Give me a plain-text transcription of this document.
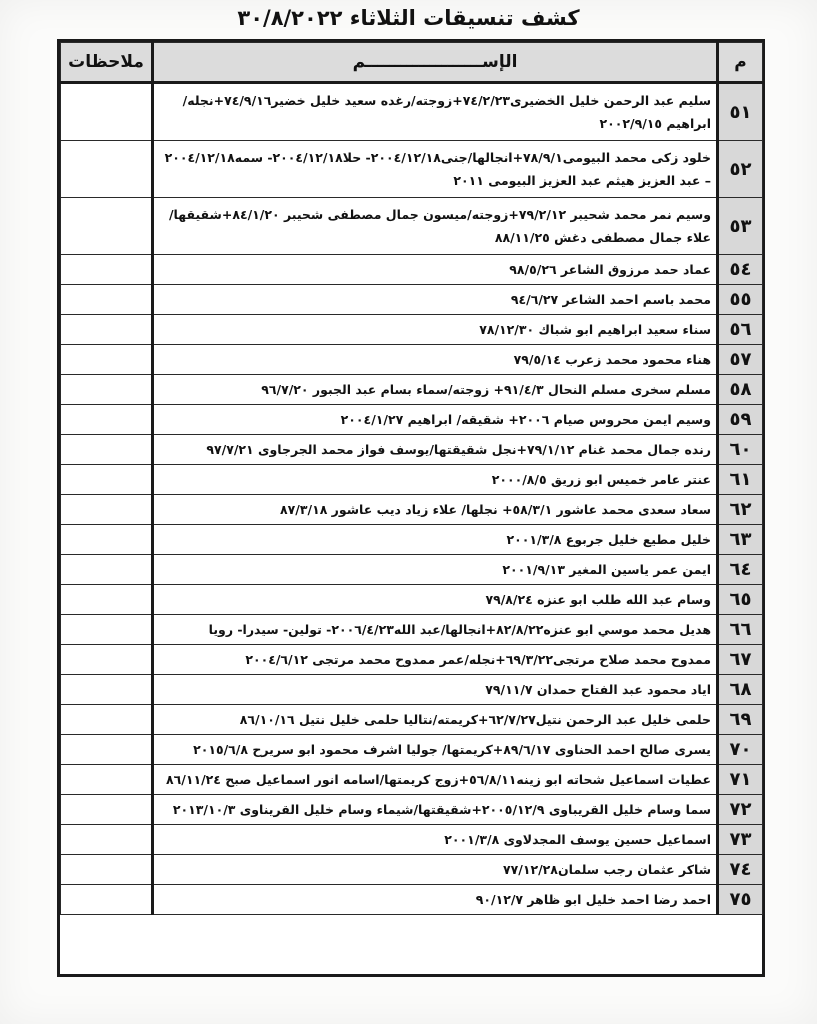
كشف تنسيقات الثلاثاء ٣٠/٨/٢٠٢٢
م	الإســــــــــــــــــــم	ملاحظات
٥١	سليم عبد الرحمن خليل الخضيرى٧٤/٢/٢٣+زوجته/رغده سعيد خليل خضير٧٤/٩/١٦+نجله/ ابراهيم ٢٠٠٢/٩/١٥	
٥٢	خلود زكى محمد البيومى٧٨/٩/١+انجالها/جنى٢٠٠٤/١٢/١٨- حلا٢٠٠٤/١٢/١٨- سمه٢٠٠٤/١٢/١٨ – عبد العزيز هيثم عبد العزيز البيومى ٢٠١١	
٥٣	وسيم نمر محمد شحيبر ٧٩/٢/١٢+زوجته/ميسون جمال مصطفى شحيبر ٨٤/١/٢٠+شقيقها/علاء جمال مصطفى دغش ٨٨/١١/٢٥	
٥٤	عماد حمد مرزوق الشاعر ٩٨/٥/٢٦	
٥٥	محمد باسم احمد الشاعر ٩٤/٦/٢٧	
٥٦	سناء سعيد ابراهيم ابو شباك ٧٨/١٢/٣٠	
٥٧	هناء محمود محمد زعرب ٧٩/٥/١٤	
٥٨	مسلم سخرى مسلم النحال ٩١/٤/٣+ زوجته/سماء بسام عبد الجبور ٩٦/٧/٢٠	
٥٩	وسيم ايمن محروس صيام ٢٠٠٦+ شقيقه/ ابراهيم ٢٠٠٤/١/٢٧	
٦٠	رنده جمال محمد غنام ٧٩/١/١٢+نجل شقيقتها/يوسف فواز محمد الجرجاوى ٩٧/٧/٢١	
٦١	عنتر عامر خميس ابو زريق ٢٠٠٠/٨/٥	
٦٢	سعاد سعدى محمد عاشور ٥٨/٣/١+ نجلها/ علاء زياد ديب عاشور ٨٧/٣/١٨	
٦٣	خليل مطيع خليل جربوع ٢٠٠١/٣/٨	
٦٤	ايمن عمر ياسين المغير ٢٠٠١/٩/١٣	
٦٥	وسام عبد الله طلب ابو عنزه ٧٩/٨/٢٤	
٦٦	هديل محمد موسي ابو عنزه٨٢/٨/٢٢+انجالها/عبد الله٢٠٠٦/٤/٢٣- تولين- سيدرا- رويا	
٦٧	ممدوح محمد صلاح مرتجى٦٩/٣/٢٢+نجله/عمر ممدوح محمد مرتجى ٢٠٠٤/٦/١٢	
٦٨	اياد محمود عبد الفتاح حمدان ٧٩/١١/٧	
٦٩	حلمى خليل عبد الرحمن نتيل٦٢/٧/٢٧+كريمته/نتاليا حلمى خليل نتيل ٨٦/١٠/١٦	
٧٠	يسرى صالح احمد الحناوى ٨٩/٦/١٧+كريمتها/ جوليا اشرف محمود ابو سريرح ٢٠١٥/٦/٨	
٧١	عطيات اسماعيل شحاته ابو زينه٥٦/٨/١١+زوج كريمتها/اسامه انور اسماعيل صبح ٨٦/١١/٢٤	
٧٢	سما وسام خليل القريباوى ٢٠٠٥/١٢/٩+شقيقتها/شيماء وسام خليل القريناوى ٢٠١٣/١٠/٣	
٧٣	اسماعيل حسين يوسف المجدلاوى ٢٠٠١/٣/٨	
٧٤	شاكر عثمان رجب سلمان٧٧/١٢/٢٨	
٧٥	احمد رضا احمد خليل ابو ظاهر ٩٠/١٢/٧	
